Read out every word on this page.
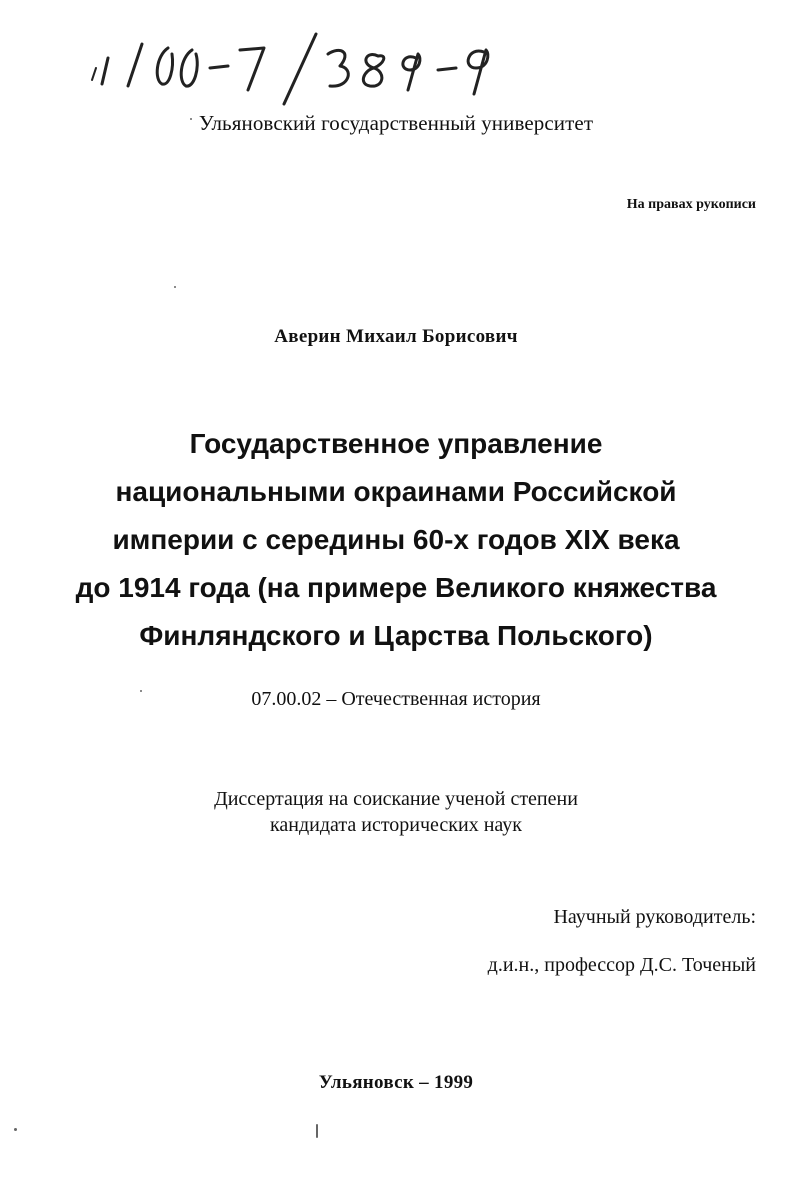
1 00-7/389-9
Ульяновский государственный университет
На правах рукописи
Аверин Михаил Борисович
Государственное управление
национальными окраинами Российской
империи с середины 60-х годов XIX века
до 1914 года (на примере Великого княжества
Финляндского и Царства Польского)
07.00.02 – Отечественная история
Диссертация на соискание ученой степени
кандидата исторических наук
Научный руководитель:
д.и.н., профессор Д.С. Точеный
Ульяновск – 1999
